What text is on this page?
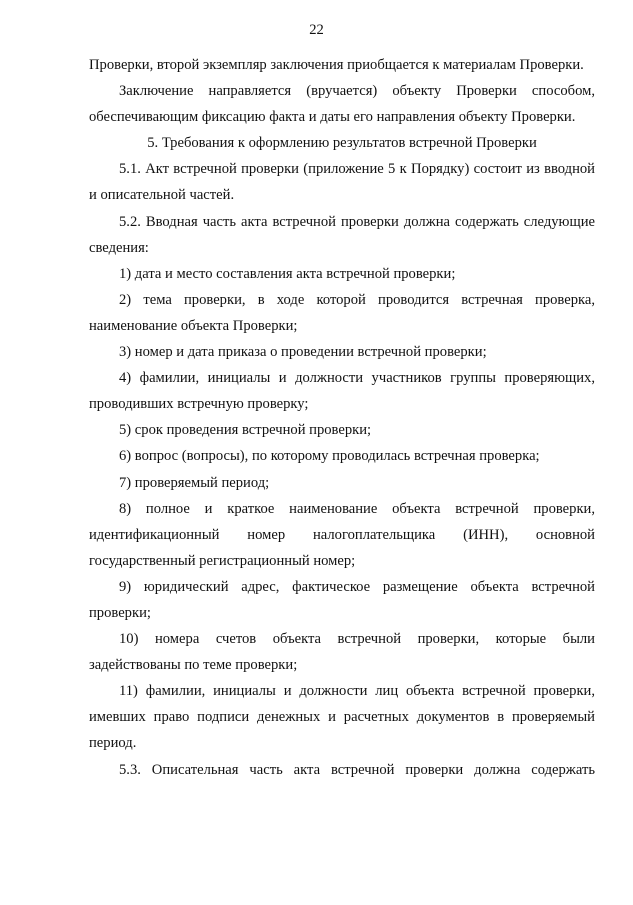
22

Проверки, второй экземпляр заключения приобщается к материалам Проверки.

Заключение направляется (вручается) объекту Проверки способом, обеспечивающим фиксацию факта и даты его направления объекту Проверки.

5. Требования к оформлению результатов встречной Проверки

5.1. Акт встречной проверки (приложение 5 к Порядку) состоит из вводной и описательной частей.

5.2. Вводная часть акта встречной проверки должна содержать следующие сведения:

1) дата и место составления акта встречной проверки;

2) тема проверки, в ходе которой проводится встречная проверка, наименование объекта Проверки;

3) номер и дата приказа о проведении встречной проверки;

4) фамилии, инициалы и должности участников группы проверяющих, проводивших встречную проверку;

5) срок проведения встречной проверки;

6) вопрос (вопросы), по которому проводилась встречная проверка;

7) проверяемый период;

8) полное и краткое наименование объекта встречной проверки, идентификационный номер налогоплательщика (ИНН), основной государственный регистрационный номер;

9) юридический адрес, фактическое размещение объекта встречной проверки;

10) номера счетов объекта встречной проверки, которые были задействованы по теме проверки;

11) фамилии, инициалы и должности лиц объекта встречной проверки, имевших право подписи денежных и расчетных документов в проверяемый период.

5.3. Описательная часть акта встречной проверки должна содержать
